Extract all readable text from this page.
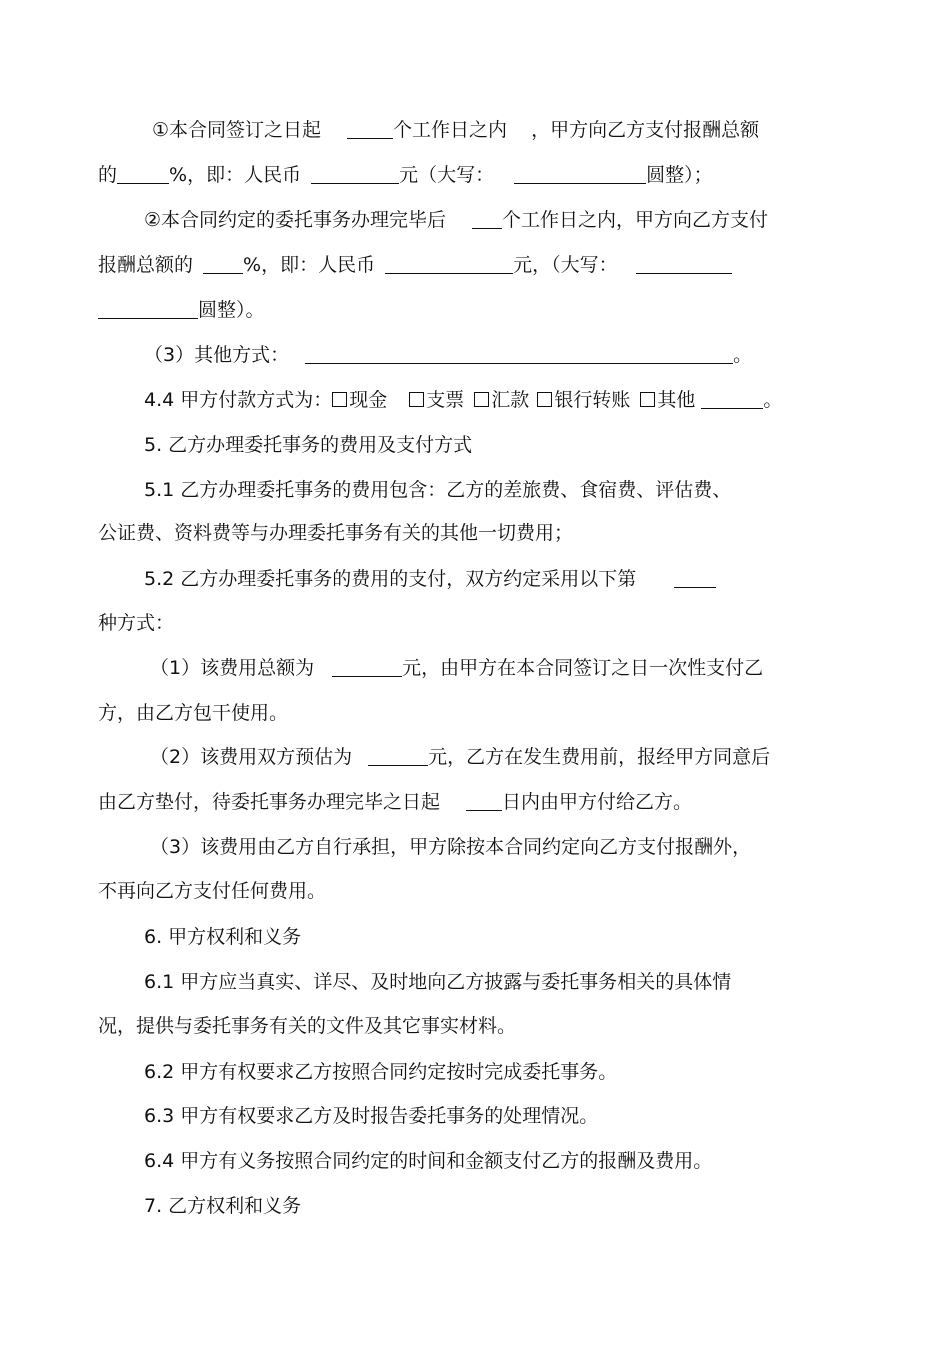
①本合同签订之日起	个工作日之内 ，甲方向乙方支付报酬总额
的	%，即：人民币	元（大写：	圆整）；
②本合同约定的委托事务办理完毕后	个工作日之内，甲方向乙方支付
报酬总额的	%，即：人民币	元，（大写：
圆整）。
（3）其他方式：	。
4.4 甲方付款方式为： 现金 支票 汇款 银行转账 其他	。
5. 乙方办理委托事务的费用及支付方式
5.1 乙方办理委托事务的费用包含：乙方的差旅费、食宿费、评估费、
公证费、资料费等与办理委托事务有关的其他一切费用；
5.2 乙方办理委托事务的费用的支付，双方约定采用以下第
种方式：
（1）该费用总额为	元，由甲方在本合同签订之日一次性支付乙
方，由乙方包干使用。
（2）该费用双方预估为	元，乙方在发生费用前，报经甲方同意后
由乙方垫付，待委托事务办理完毕之日起	日内由甲方付给乙方。
（3）该费用由乙方自行承担，甲方除按本合同约定向乙方支付报酬外，
不再向乙方支付任何费用。
6. 甲方权利和义务
6.1 甲方应当真实、详尽、及时地向乙方披露与委托事务相关的具体情
况，提供与委托事务有关的文件及其它事实材料。
6.2 甲方有权要求乙方按照合同约定按时完成委托事务。
6.3 甲方有权要求乙方及时报告委托事务的处理情况。
6.4 甲方有义务按照合同约定的时间和金额支付乙方的报酬及费用。
7. 乙方权利和义务
